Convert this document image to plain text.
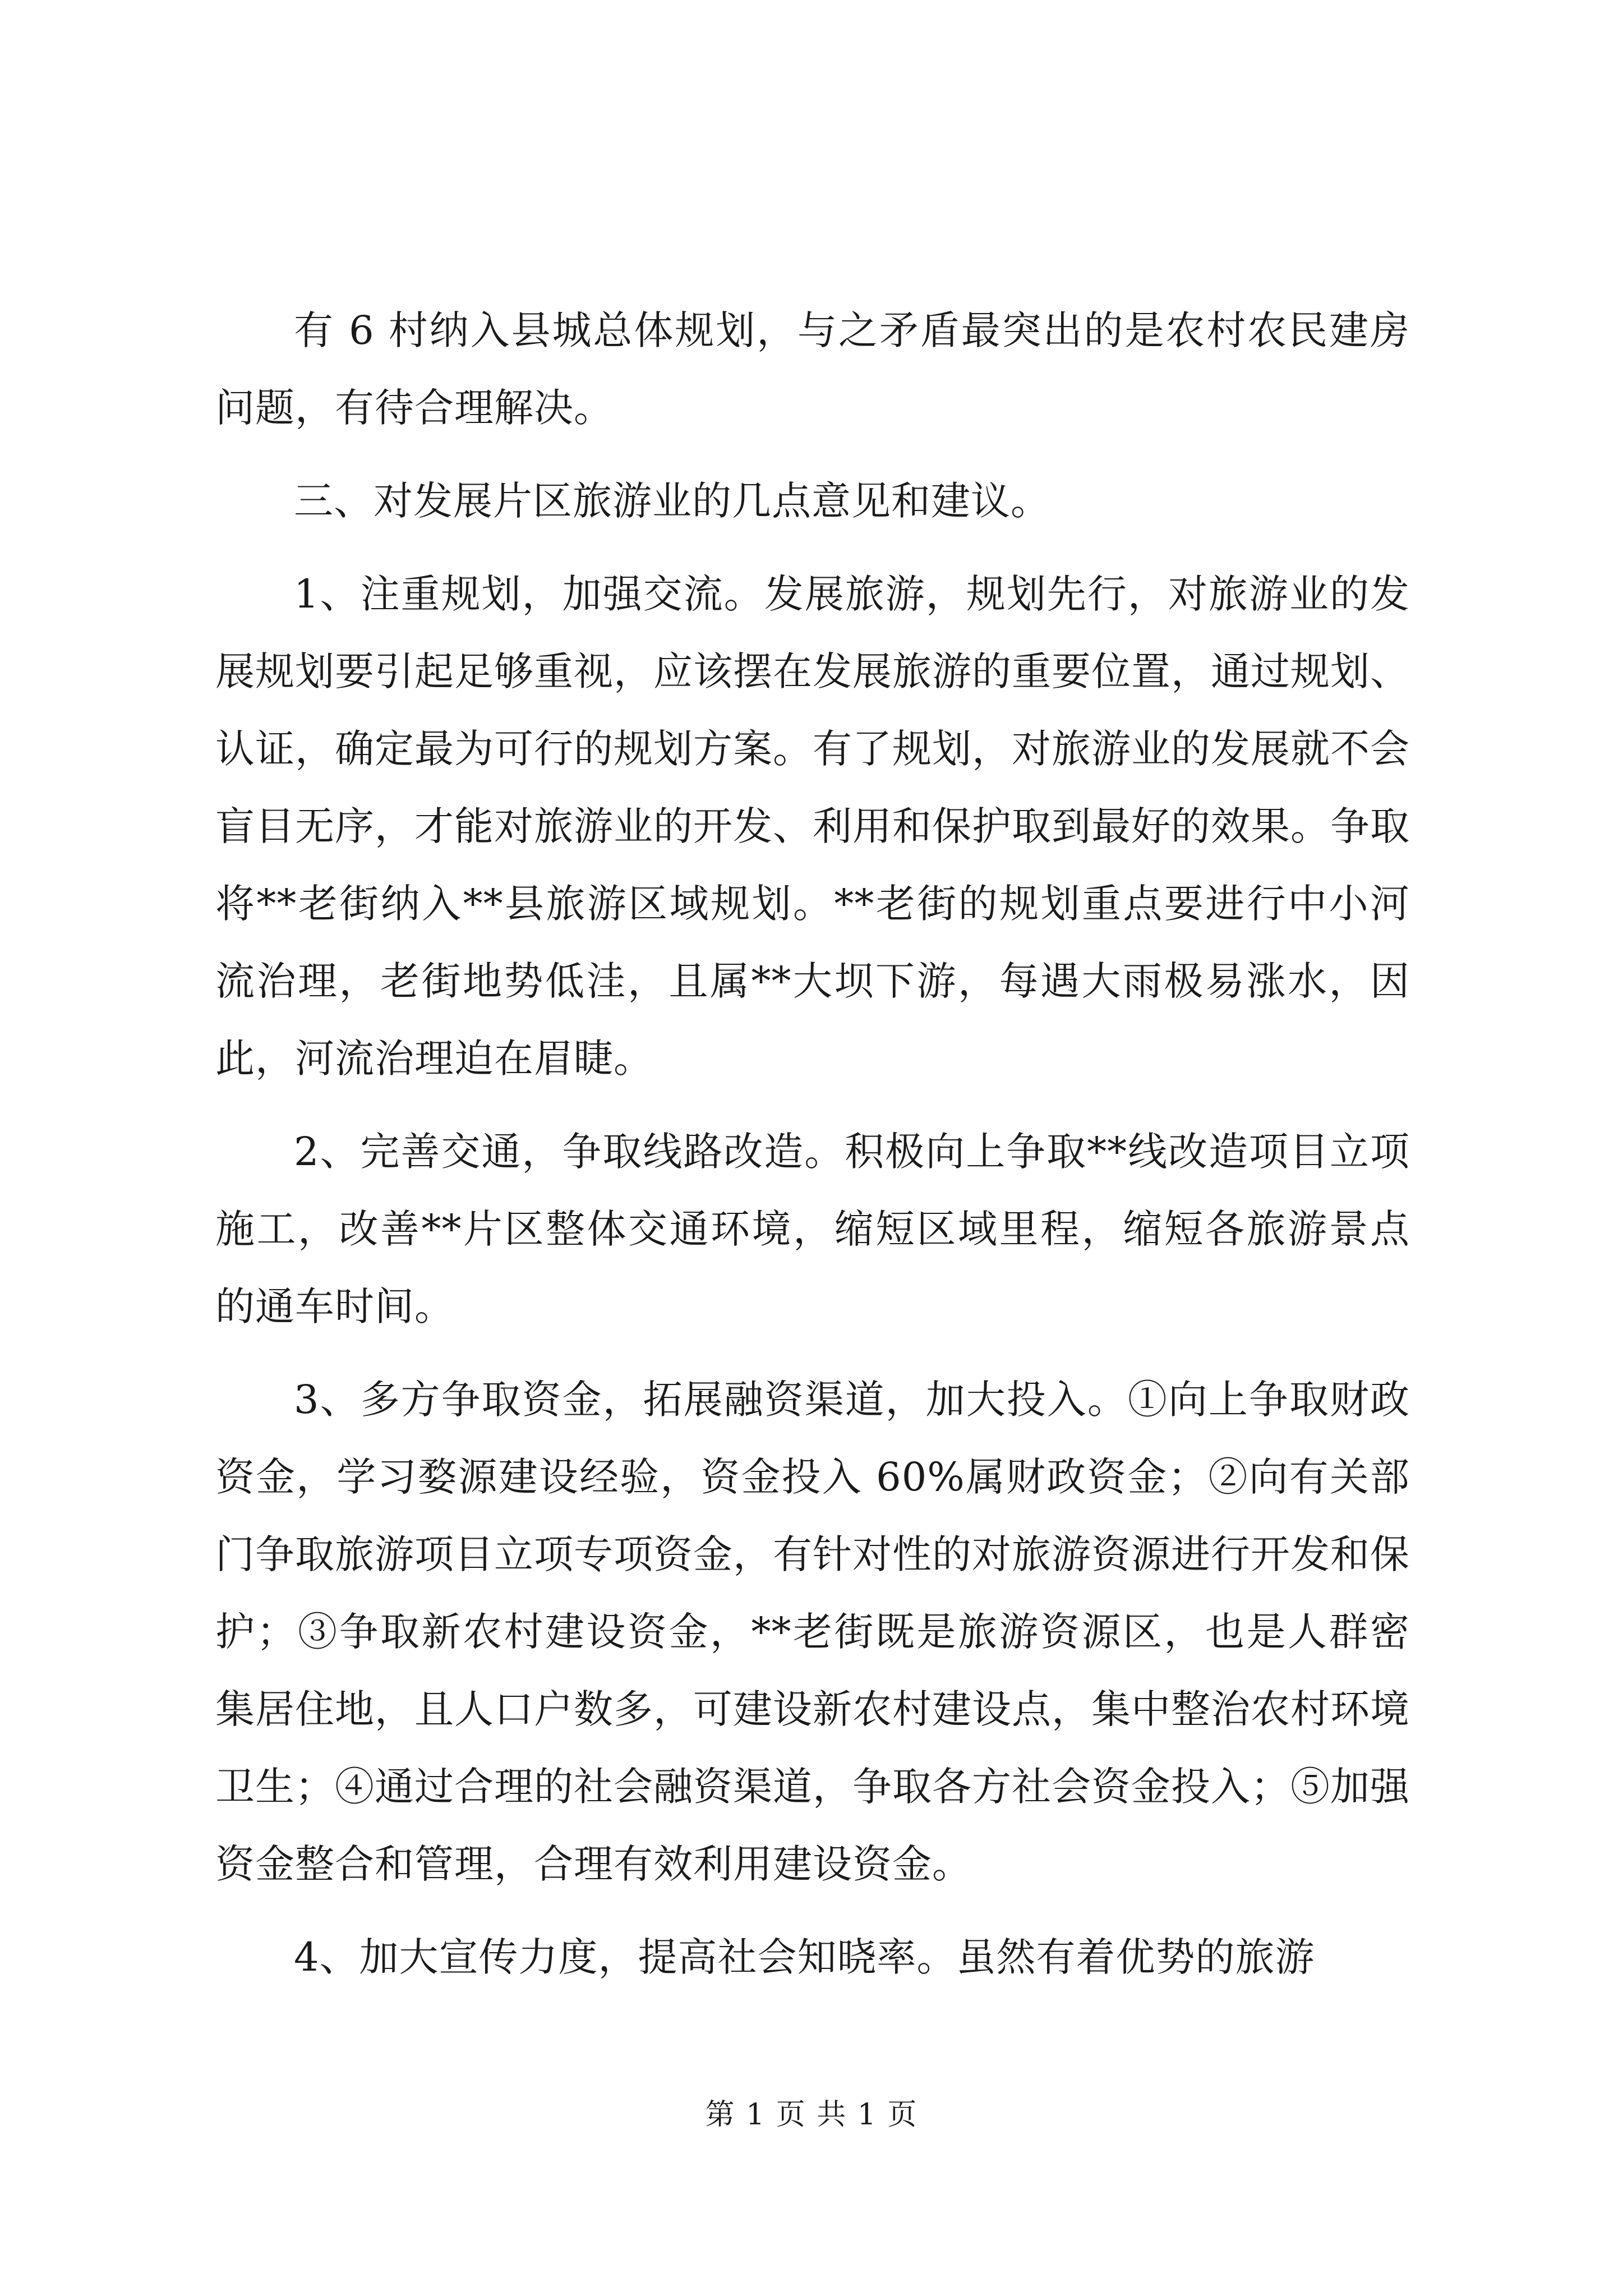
有 6 村纳入县城总体规划，与之矛盾最突出的是农村农民建房问题，有待合理解决。

三、对发展片区旅游业的几点意见和建议。

1、注重规划，加强交流。发展旅游，规划先行，对旅游业的发展规划要引起足够重视，应该摆在发展旅游的重要位置，通过规划、认证，确定最为可行的规划方案。有了规划，对旅游业的发展就不会盲目无序，才能对旅游业的开发、利用和保护取到最好的效果。争取将**老街纳入**县旅游区域规划。**老街的规划重点要进行中小河流治理，老街地势低洼，且属**大坝下游，每遇大雨极易涨水，因此，河流治理迫在眉睫。

2、完善交通，争取线路改造。积极向上争取**线改造项目立项施工，改善**片区整体交通环境，缩短区域里程，缩短各旅游景点的通车时间。

3、多方争取资金，拓展融资渠道，加大投入。①向上争取财政资金，学习婺源建设经验，资金投入 60%属财政资金；②向有关部门争取旅游项目立项专项资金，有针对性的对旅游资源进行开发和保护；③争取新农村建设资金，**老街既是旅游资源区，也是人群密集居住地，且人口户数多，可建设新农村建设点，集中整治农村环境卫生；④通过合理的社会融资渠道，争取各方社会资金投入；⑤加强资金整合和管理，合理有效利用建设资金。

4、加大宣传力度，提高社会知晓率。虽然有着优势的旅游

第 1 页 共 1 页
